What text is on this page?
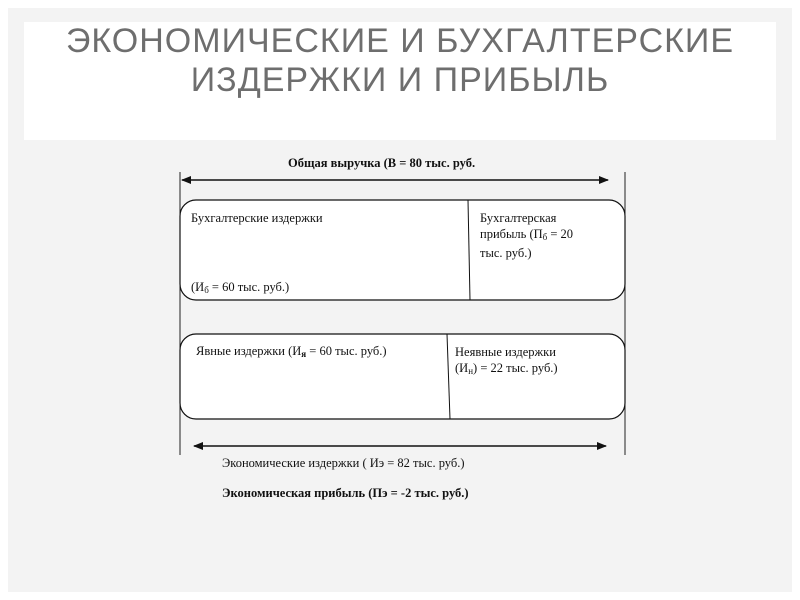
ЭКОНОМИЧЕСКИЕ И БУХГАЛТЕРСКИЕ ИЗДЕРЖКИ И ПРИБЫЛЬ
Общая выручка (В = 80 тыс. руб.
Бухгалтерские издержки
($И_б = 60$ тыс. руб.)
Бухгалтерская
прибыль ($П_б = 20$
тыс. руб.)
Явные издержки ($И_я = 60$ тыс. руб.)	Неявные издержки
$(И_н) = 22$ тыс. руб.)
Экономические издержки ( Иэ = 82 тыс. руб.)
Экономическая прибыль (Пэ = -2 тыс. руб.)
